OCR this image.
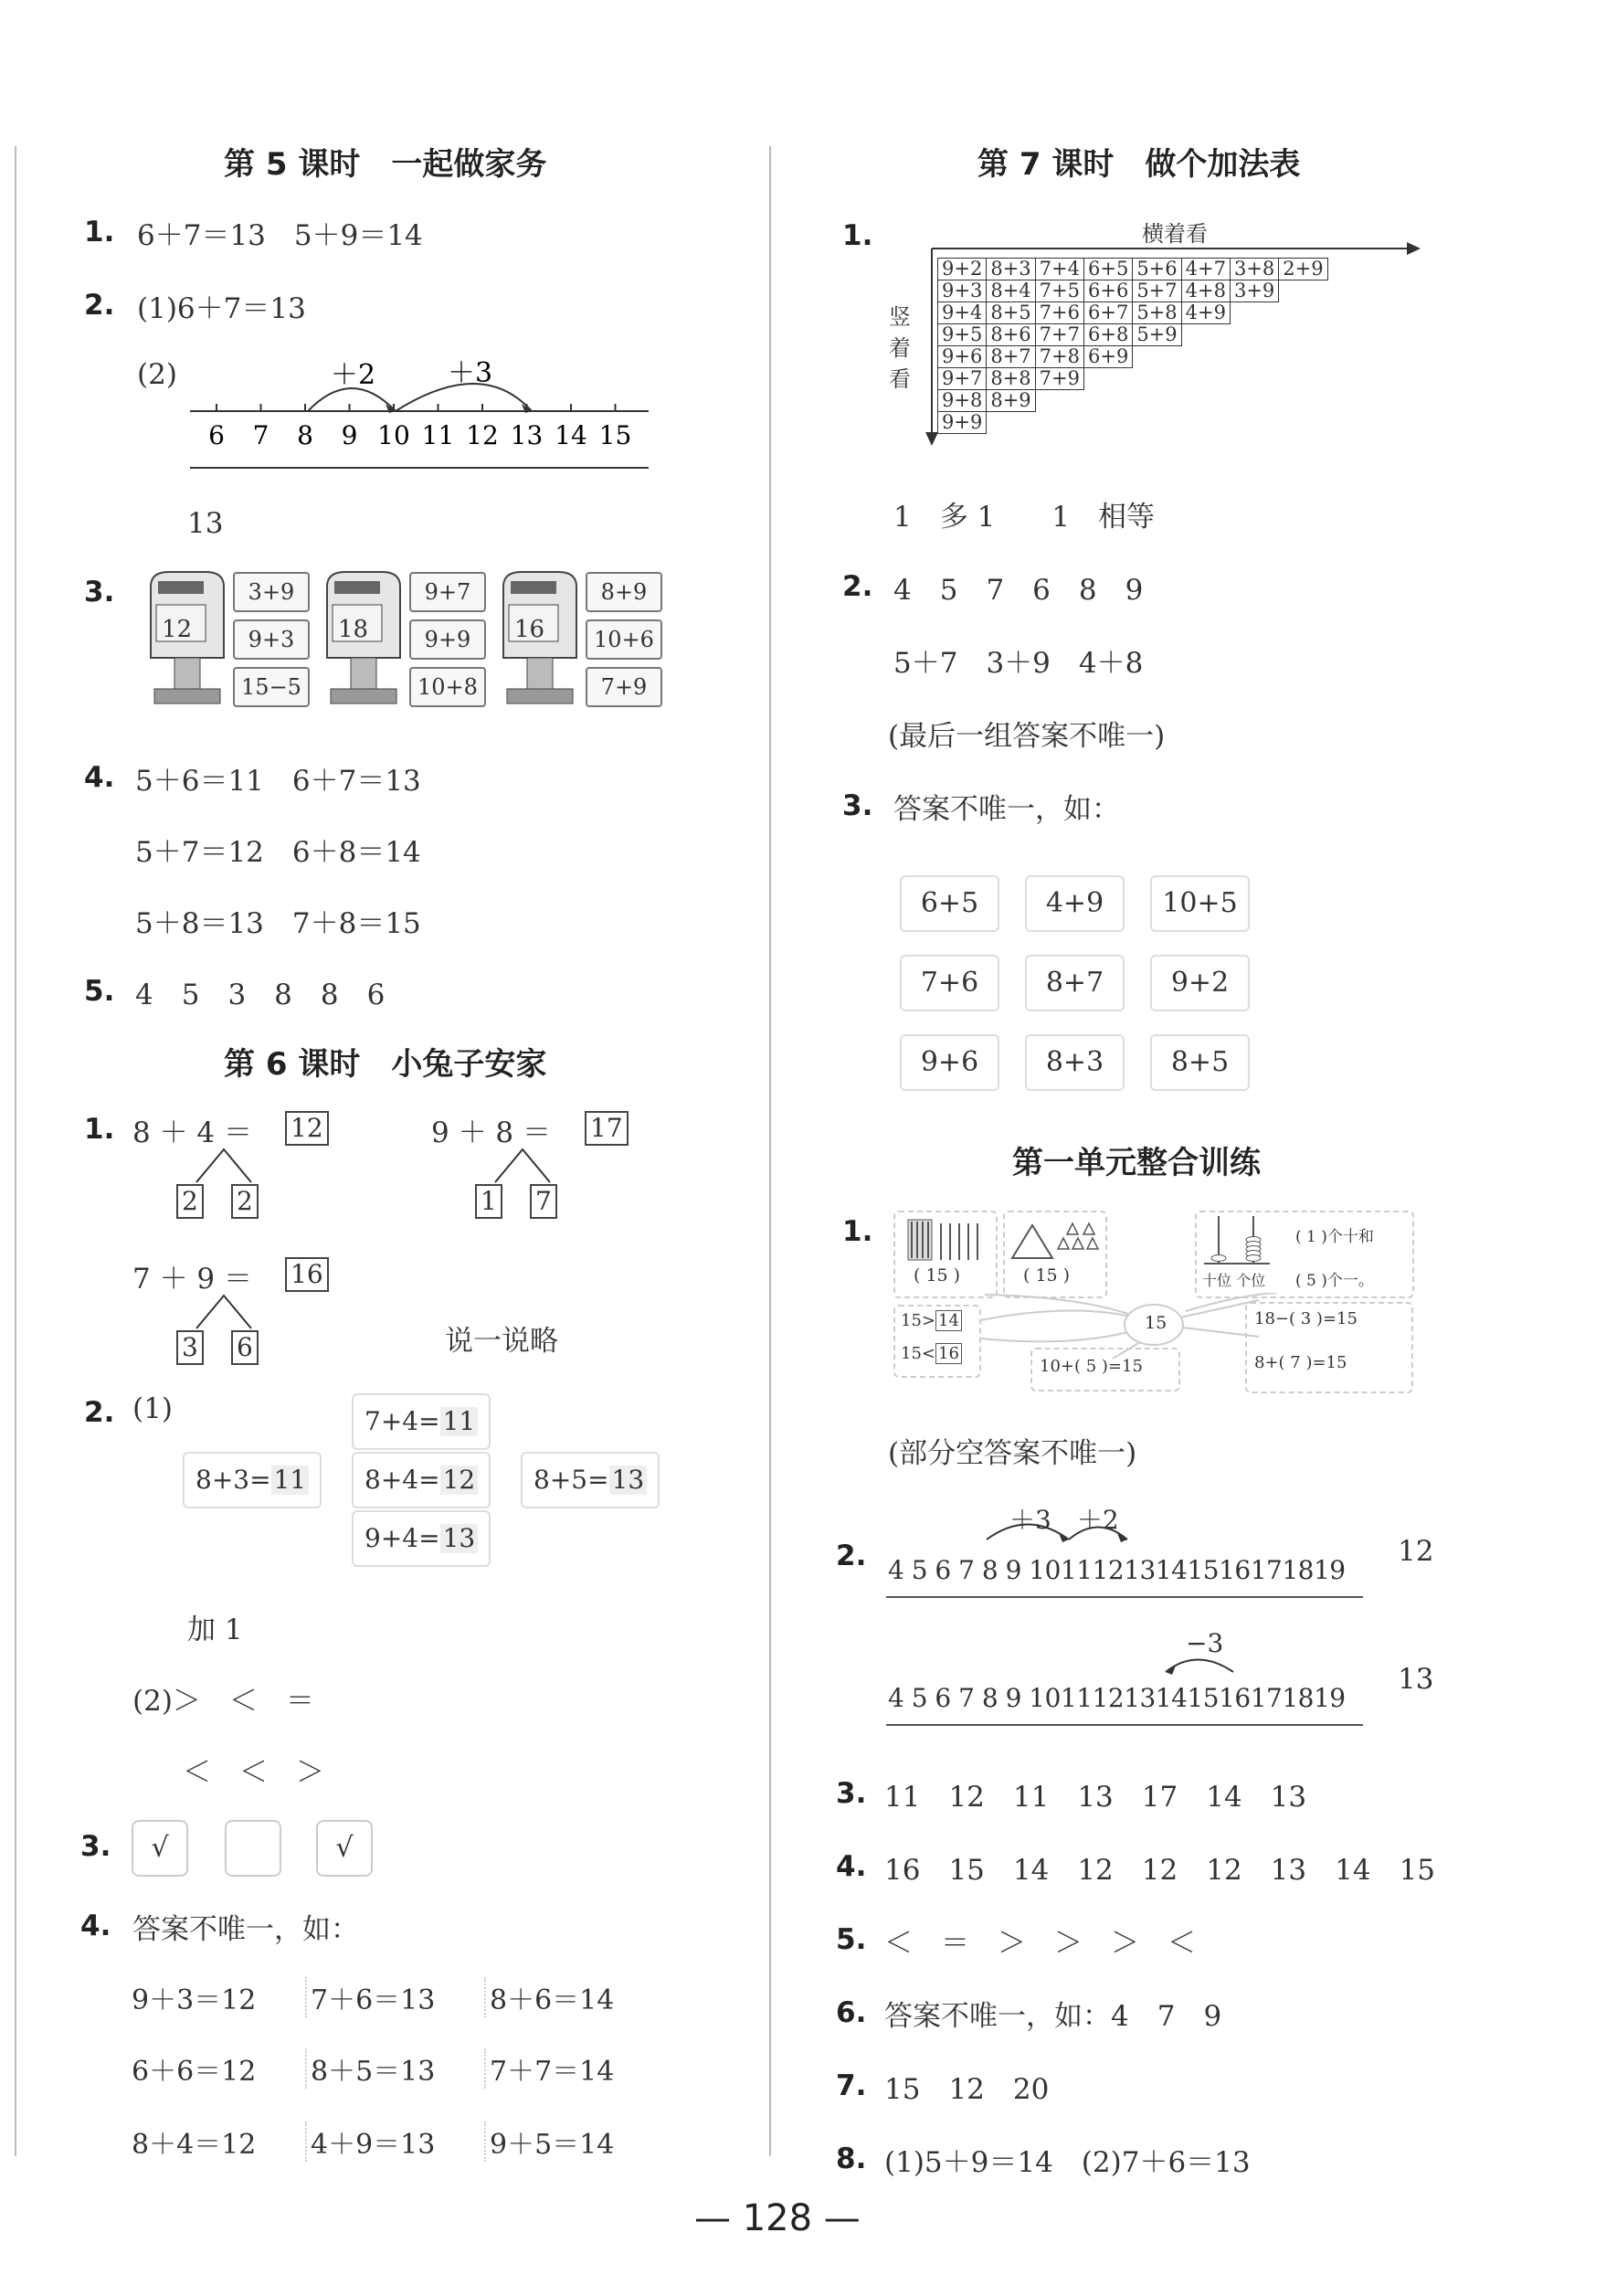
第 5 课时　一起做家务
1. 6＋7＝13　5＋9＝14
2. (1)6＋7＝13
(2)
6 7 8 9 10 11 12 13 14 15
＋2	＋3
13
3.
12
3+9
9+3
15−5
18
9+7
9+9
10+8
16
8+9
10+6
7+9
4. 5＋6＝11　6＋7＝13
5＋7＝12　6＋8＝14
5＋8＝13　7＋8＝15
5. 4　5　3　8　8　6
第 6 课时　小兔子安家
1. 8 ＋ 4 ＝ 12
2 2
9 ＋ 8 ＝ 17
1 7
7 ＋ 9 ＝ 16
3 6	说一说略
2. (1)	7+4= 11
8+3= 11	8+4= 12	8+5= 13
9+4= 13
加 1
(2)＞　＜　＝
＜　＜　＞
3.	√	√
4. 答案不唯一，如：
9＋3＝12 7＋6＝13 8＋6＝14
6＋6＝12 8＋5＝13 7＋7＝14
8＋4＝12 4＋9＝13 9＋5＝14
第 7 课时　做个加法表
1.	横着看
竖
着
看
9+2	8+3	7+4	6+5	5+6	4+7	3+8	2+9
9+3	8+4	7+5	6+6	5+7	4+8	3+9	
9+4	8+5	7+6	6+7	5+8	4+9		
9+5	8+6	7+7	6+8	5+9			
9+6	8+7	7+8	6+9				
9+7	8+8	7+9					
9+8	8+9						
9+9							
1　多 1　　1　相等
2. 4　5　7　6　8　9
5＋7　3＋9　4＋8
(最后一组答案不唯一)
3. 答案不唯一，如：
6+5	4+9	10+5
7+6	8+7	9+2
9+6	8+3	8+5
第一单元整合训练
1.
( 15 )	( 15 )	十位 个位
( 1 )个十和
( 5 )个一。
15
15> 14
15< 16
18−( 3 )=15
8+( 7 )=15
10+( 5 )=15
(部分空答案不唯一)
2.
＋3　＋2
4 5 6 7 8 9 10111213141516171819
12
−3
4 5 6 7 8 9 10111213141516171819
13
3. 11　12　11　13　17　14　13
4. 16　15　14　12　12　12　13　14　15
5. ＜　＝　＞　＞　＞　＜
6. 答案不唯一，如：4　7　9
7. 15　12　20
8. (1)5＋9＝14　(2)7＋6＝13
— 128 —
